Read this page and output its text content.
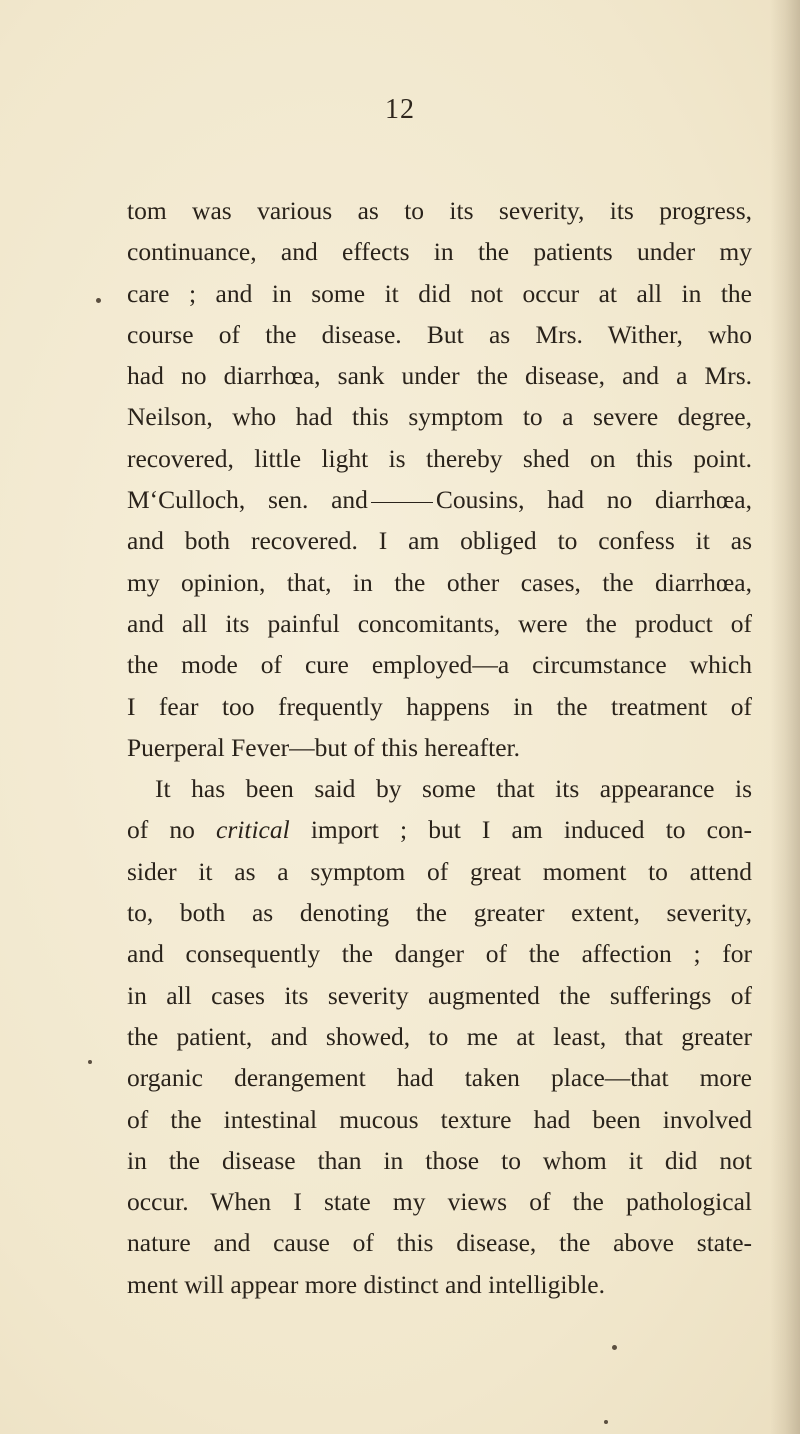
12
tom was various as to its severity, its progress,
continuance, and effects in the patients under my
care ; and in some it did not occur at all in the
course of the disease. But as Mrs. Wither, who
had no diarrhœa, sank under the disease, and a Mrs.
Neilson, who had this symptom to a severe degree,
recovered, little light is thereby shed on this point.
M‘Culloch, sen. and	Cousins, had no diarrhœa,
and both recovered. I am obliged to confess it as
my opinion, that, in the other cases, the diarrhœa,
and all its painful concomitants, were the product of
the mode of cure employed—a circumstance which
I fear too frequently happens in the treatment of
Puerperal Fever—but of this hereafter.
It has been said by some that its appearance is
of no critical import ; but I am induced to con-
sider it as a symptom of great moment to attend
to, both as denoting the greater extent, severity,
and consequently the danger of the affection ; for
in all cases its severity augmented the sufferings of
the patient, and showed, to me at least, that greater
organic derangement had taken place—that more
of the intestinal mucous texture had been involved
in the disease than in those to whom it did not
occur. When I state my views of the pathological
nature and cause of this disease, the above state-
ment will appear more distinct and intelligible.
